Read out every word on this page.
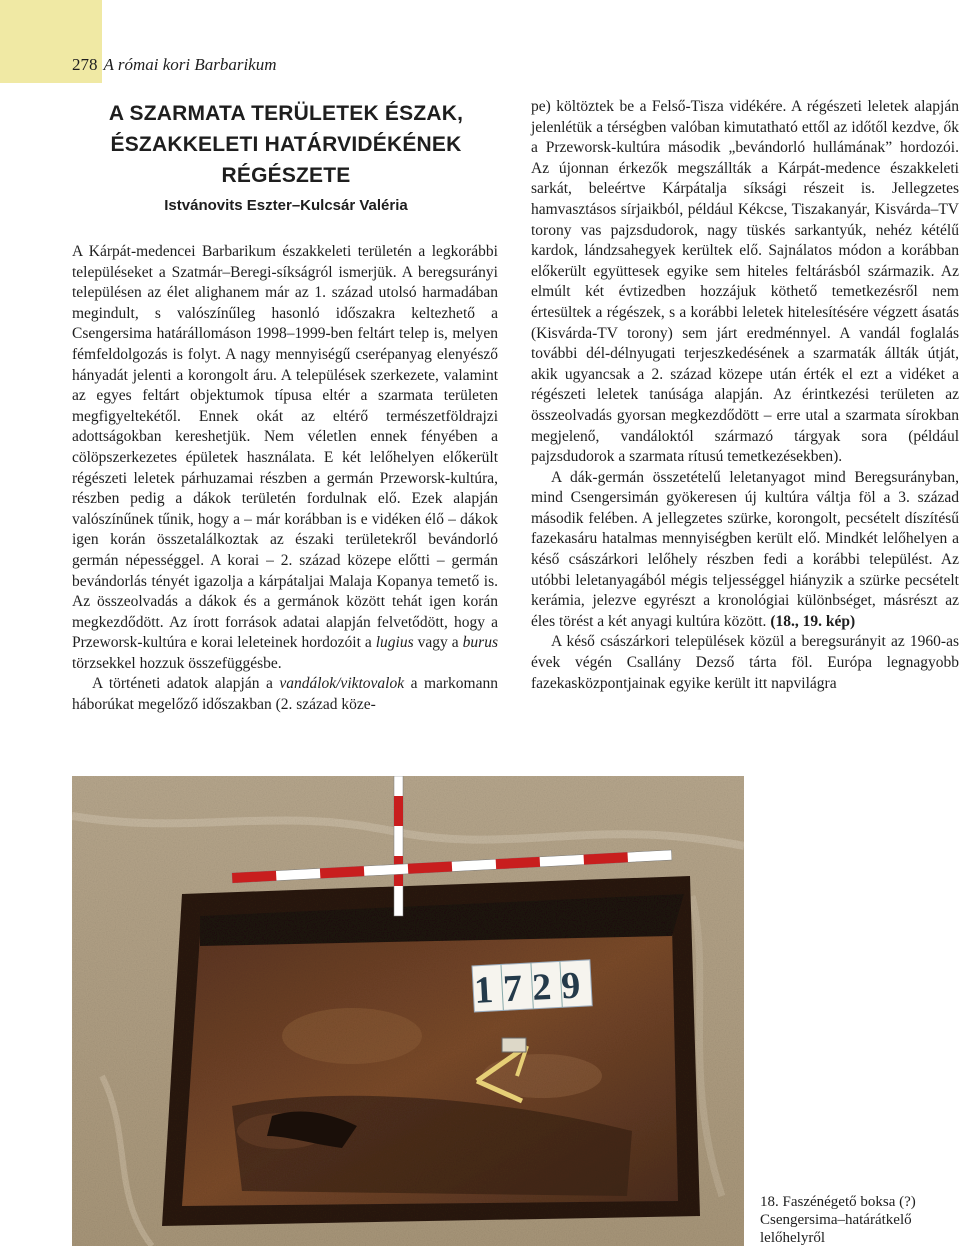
278 A római kori Barbarikum
A SZARMATA TERÜLETEK ÉSZAK,
ÉSZAKKELETI HATÁRVIDÉKÉNEK
RÉGÉSZETE
Istvánovits Eszter–Kulcsár Valéria

A Kárpát-medencei Barbarikum északkeleti területén a legkorábbi településeket a Szatmár–Beregi-síkságról ismerjük. A beregsurányi településen az élet alighanem már az 1. század utolsó harmadában megindult, s valószínűleg hasonló időszakra keltezhető a Csengersima határállomáson 1998–1999-ben feltárt telep is, melyen fémfeldolgozás is folyt. A nagy mennyiségű cserépanyag elenyésző hányadát jelenti a korongolt áru. A települések szerkezete, valamint az egyes feltárt objektumok típusa eltér a szarmata területen megfigyeltekétől. Ennek okát az eltérő természetföldrajzi adottságokban kereshetjük. Nem véletlen ennek fényében a cölöpszerkezetes épületek használata. E két lelőhelyen előkerült régészeti leletek párhuzamai részben a germán Przeworsk-kultúra, részben pedig a dákok területén fordulnak elő. Ezek alapján valószínűnek tűnik, hogy a – már korábban is e vidéken élő – dákok igen korán összetalálkoztak az északi területekről bevándorló germán népességgel. A korai – 2. század közepe előtti – germán bevándorlás tényét igazolja a kárpátaljai Malaja Kopanya temető is. Az összeolvadás a dákok és a germánok között tehát igen korán megkezdődött. Az írott források adatai alapján felvetődött, hogy a Przeworsk-kultúra e korai leleteinek hordozóit a lugius vagy a burus törzsekkel hozzuk összefüggésbe.

A történeti adatok alapján a vandálok/viktovalok a markomann háborúkat megelőző időszakban (2. század köze-

pe) költöztek be a Felső-Tisza vidékére. A régészeti leletek alapján jelenlétük a térségben valóban kimutatható ettől az időtől kezdve, ők a Przeworsk-kultúra második „bevándorló hullámának” hordozói. Az újonnan érkezők megszállták a Kárpát-medence északkeleti sarkát, beleértve Kárpátalja síksági részeit is. Jellegzetes hamvasztásos sírjaikból, például Kékcse, Tiszakanyár, Kisvárda–TV torony vas pajzsdudorok, nagy tüskés sarkantyúk, nehéz kétélű kardok, lándzsahegyek kerültek elő. Sajnálatos módon a korábban előkerült együttesek egyike sem hiteles feltárásból származik. Az elmúlt két évtizedben hozzájuk köthető temetkezésről nem értesültek a régészek, s a korábbi leletek hitelesítésére végzett ásatás (Kisvárda-TV torony) sem járt eredménnyel. A vandál foglalás további dél-délnyugati terjeszkedésének a szarmaták állták útját, akik ugyancsak a 2. század közepe után érték el ezt a vidéket a régészeti leletek tanúsága alapján. Az érintkezési területen az összeolvadás gyorsan megkezdődött – erre utal a szarmata sírokban megjelenő, vandáloktól származó tárgyak sora (például pajzsdudorok a szarmata rítusú temetkezésekben).

A dák-germán összetételű leletanyagot mind Beregsurányban, mind Csengersimán gyökeresen új kultúra váltja föl a 3. század második felében. A jellegzetes szürke, korongolt, pecsételt díszítésű fazekasáru hatalmas mennyiségben került elő. Mindkét lelőhelyen a késő császárkori lelőhely részben fedi a korábbi települést. Az utóbbi leletanyagából mégis teljességgel hiányzik a szürke pecsételt kerámia, jelezve egyrészt a kronológiai különbséget, másrészt az éles törést a két anyagi kultúra között. (18., 19. kép)

A késő császárkori települések közül a beregsurányit az 1960-as évek végén Csallány Dezső tárta föl. Európa legnagyobb fazekasközpontjainak egyike került itt napvilágra

1729
18. Faszénégető boksa (?)
Csengersima–határátkelő
lelőhelyről
